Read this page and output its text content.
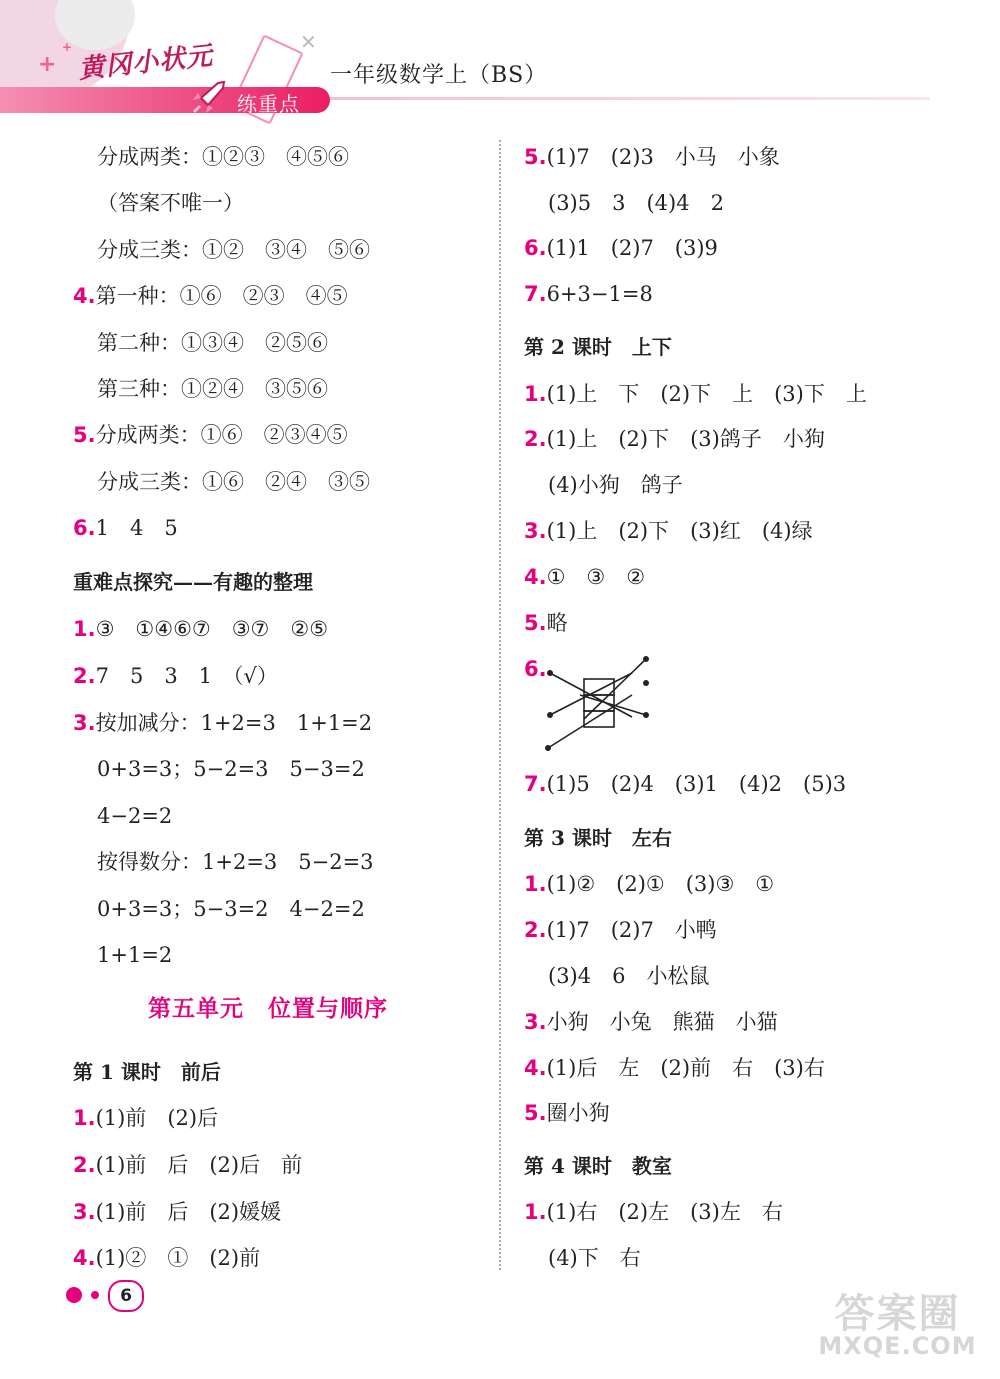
+
+	✕
黄冈小状元
练重点
一年级数学上（BS）
分成两类：①②③　④⑤⑥
（答案不唯一）
分成三类：①②　③④　⑤⑥
4.第一种：①⑥　②③　④⑤
第二种：①③④　②⑤⑥
第三种：①②④　③⑤⑥
5.分成两类：①⑥　②③④⑤
分成三类：①⑥　②④　③⑤
6.1　4　5
重难点探究——有趣的整理
1.③　①④⑥⑦　③⑦　②⑤
2.7　5　3　1　（√）
3.按加减分：1+2=3　1+1=2
0+3=3；5−2=3　5−3=2
4−2=2
按得数分：1+2=3　5−2=3
0+3=3；5−3=2　4−2=2
1+1=2
第五单元　位置与顺序
第 1 课时　前后
1.(1)前　(2)后
2.(1)前　后　(2)后　前
3.(1)前　后　(2)媛媛
4.(1)②　①　(2)前
5.(1)7　(2)3　小马　小象
(3)5　3　(4)4　2
6.(1)1　(2)7　(3)9
7.6+3−1=8
第 2 课时　上下
1.(1)上　下　(2)下　上　(3)下　上
2.(1)上　(2)下　(3)鸽子　小狗
(4)小狗　鸽子
3.(1)上　(2)下　(3)红　(4)绿
4.①　③　②
5.略
6.
7.(1)5　(2)4　(3)1　(4)2　(5)3
第 3 课时　左右
1.(1)②　(2)①　(3)③　①
2.(1)7　(2)7　小鸭
(3)4　6　小松鼠
3.小狗　小兔　熊猫　小猫
4.(1)后　左　(2)前　右　(3)右
5.圈小狗
第 4 课时　教室
1.(1)右　(2)左　(3)左　右
(4)下　右
6	答案圈
MXQE.COM
